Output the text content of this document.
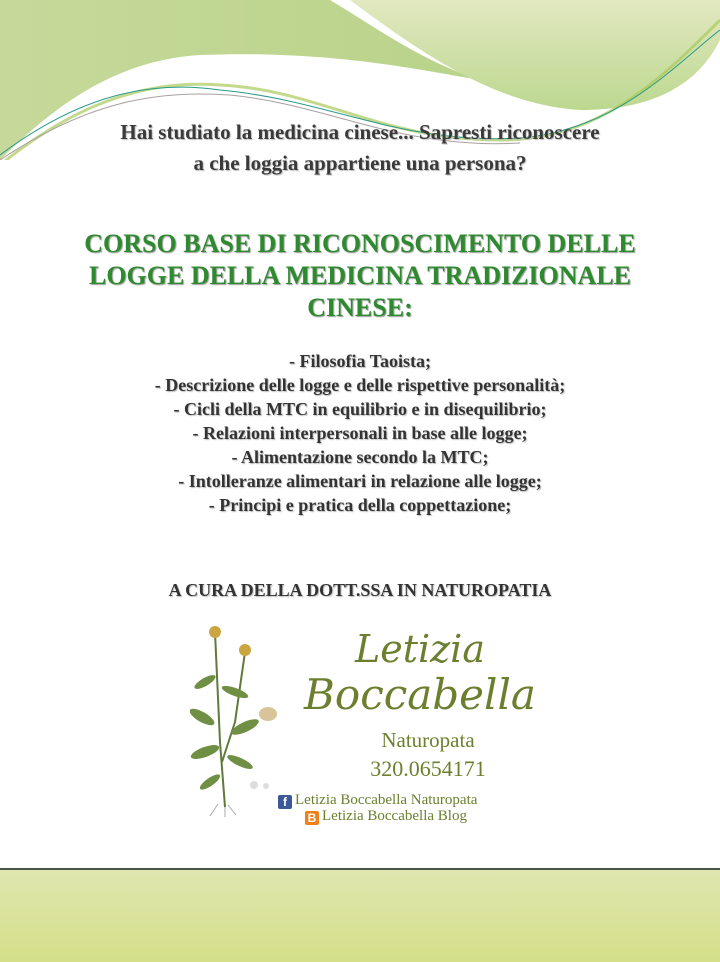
Hai studiato la medicina cinese... Sapresti riconoscere
a che loggia appartiene una persona?
CORSO BASE DI RICONOSCIMENTO DELLE
LOGGE DELLA MEDICINA TRADIZIONALE
CINESE:
- Filosofia Taoista;
- Descrizione delle logge e delle rispettive personalità;
- Cicli della MTC in equilibrio e in disequilibrio;
- Relazioni interpersonali in base alle logge;
- Alimentazione secondo la MTC;
- Intolleranze alimentari in relazione alle logge;
- Principi e pratica della coppettazione;
A CURA DELLA DOTT.SSA IN NATUROPATIA
Letizia
Boccabella
Naturopata
320.0654171
f Letizia Boccabella Naturopata
B Letizia Boccabella Blog
